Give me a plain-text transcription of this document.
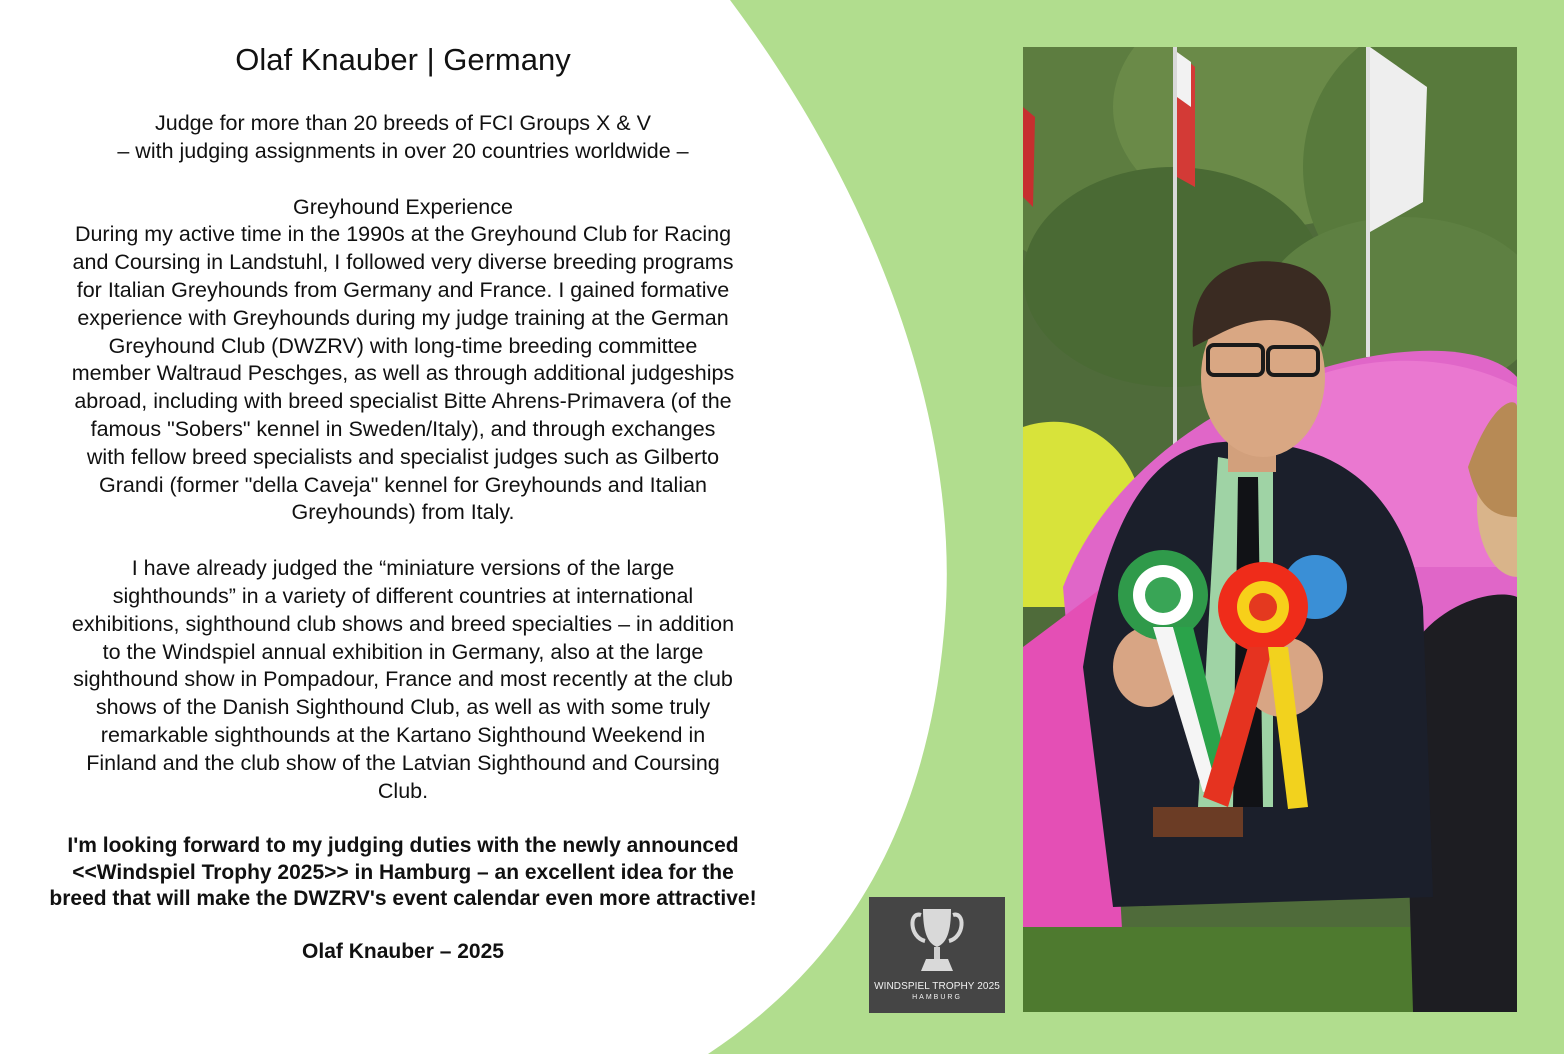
Olaf Knauber | Germany

Judge for more than 20 breeds of FCI Groups X & V

– with judging assignments in over 20 countries worldwide –

Greyhound Experience

During my active time in the 1990s at the Greyhound Club for Racing
and Coursing in Landstuhl, I followed very diverse breeding programs
for Italian Greyhounds from Germany and France. I gained formative
experience with Greyhounds during my judge training at the German
Greyhound Club (DWZRV) with long-time breeding committee
member Waltraud Peschges, as well as through additional judgeships
abroad, including with breed specialist Bitte Ahrens-Primavera (of the
famous "Sobers" kennel in Sweden/Italy), and through exchanges
with fellow breed specialists and specialist judges such as Gilberto
Grandi (former "della Caveja" kennel for Greyhounds and Italian
Greyhounds) from Italy.
I have already judged the “miniature versions of the large
sighthounds” in a variety of different countries at international
exhibitions, sighthound club shows and breed specialties – in addition
to the Windspiel annual exhibition in Germany, also at the large
sighthound show in Pompadour, France and most recently at the club
shows of the Danish Sighthound Club, as well as with some truly
remarkable sighthounds at the Kartano Sighthound Weekend in
Finland and the club show of the Latvian Sighthound and Coursing
Club.
I'm looking forward to my judging duties with the newly announced
<<Windspiel Trophy 2025>> in Hamburg – an excellent idea for the
breed that will make the DWZRV's event calendar even more attractive!
Olaf Knauber – 2025
WINDSPIEL TROPHY 2025
HAMBURG
